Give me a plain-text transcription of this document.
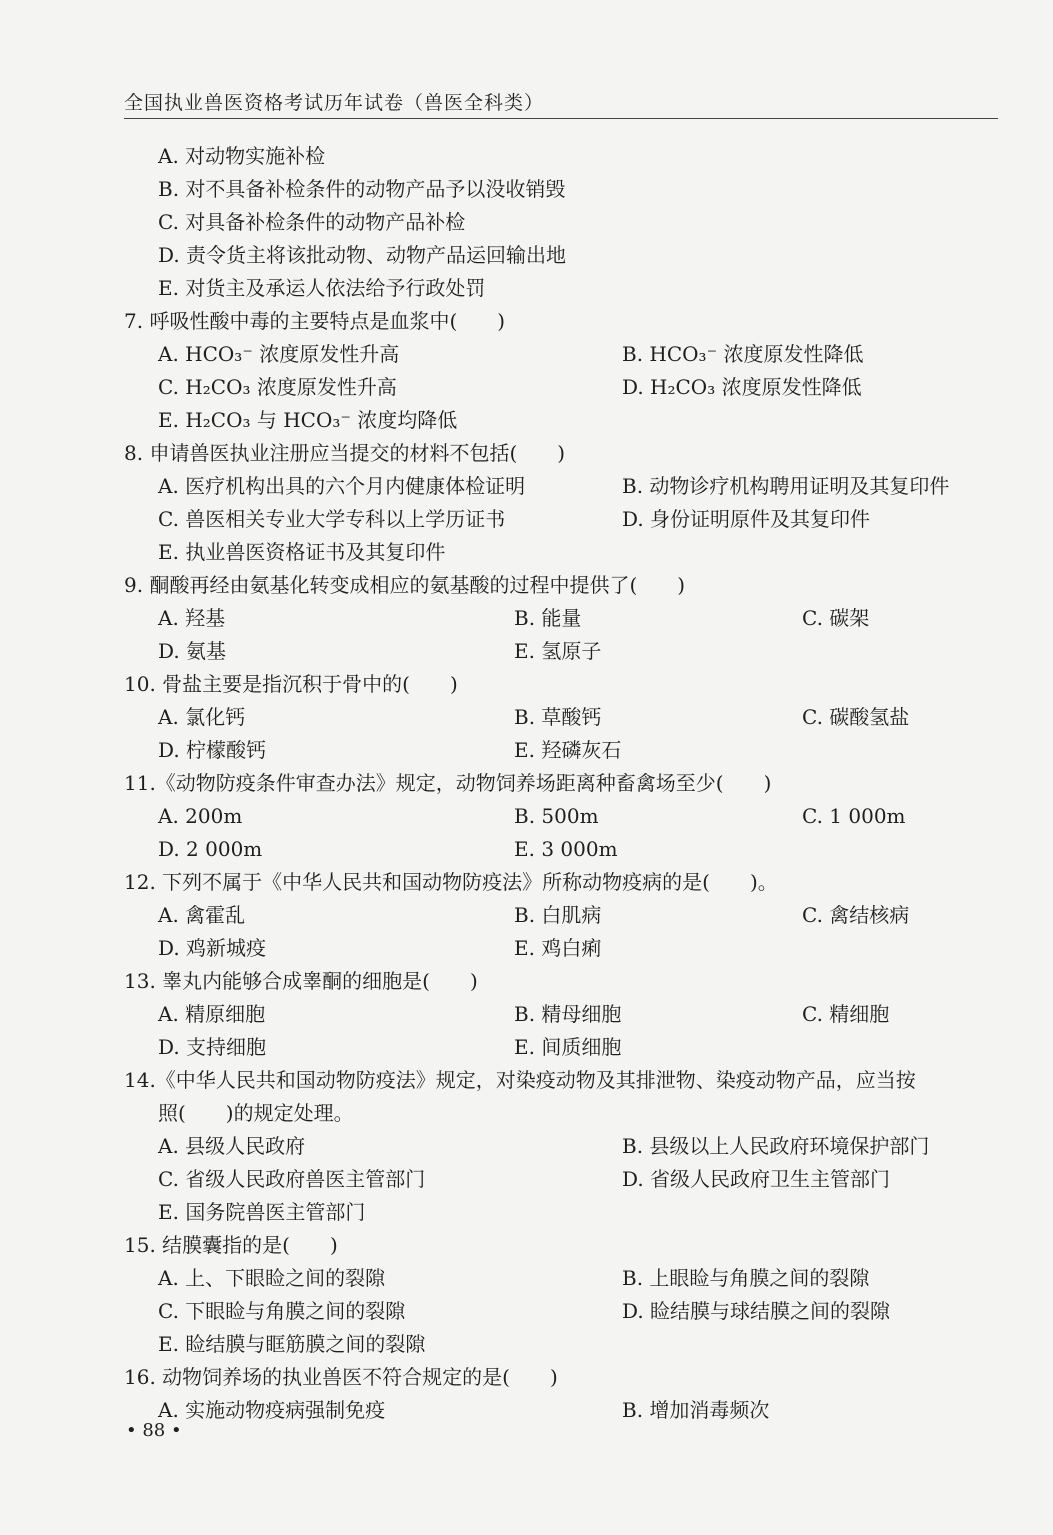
全国执业兽医资格考试历年试卷（兽医全科类）
A. 对动物实施补检
B. 对不具备补检条件的动物产品予以没收销毁
C. 对具备补检条件的动物产品补检
D. 责令货主将该批动物、动物产品运回输出地
E. 对货主及承运人依法给予行政处罚
7. 呼吸性酸中毒的主要特点是血浆中(　　)
A. HCO₃⁻ 浓度原发性升高	B. HCO₃⁻ 浓度原发性降低
C. H₂CO₃ 浓度原发性升高	D. H₂CO₃ 浓度原发性降低
E. H₂CO₃ 与 HCO₃⁻ 浓度均降低
8. 申请兽医执业注册应当提交的材料不包括(　　)
A. 医疗机构出具的六个月内健康体检证明	B. 动物诊疗机构聘用证明及其复印件
C. 兽医相关专业大学专科以上学历证书	D. 身份证明原件及其复印件
E. 执业兽医资格证书及其复印件
9. 酮酸再经由氨基化转变成相应的氨基酸的过程中提供了(　　)
A. 羟基	B. 能量	C. 碳架
D. 氨基	E. 氢原子
10. 骨盐主要是指沉积于骨中的(　　)
A. 氯化钙	B. 草酸钙	C. 碳酸氢盐
D. 柠檬酸钙	E. 羟磷灰石
11.《动物防疫条件审查办法》规定，动物饲养场距离种畜禽场至少(　　)
A. 200m	B. 500m	C. 1 000m
D. 2 000m	E. 3 000m
12. 下列不属于《中华人民共和国动物防疫法》所称动物疫病的是(　　)。
A. 禽霍乱	B. 白肌病	C. 禽结核病
D. 鸡新城疫	E. 鸡白痢
13. 睾丸内能够合成睾酮的细胞是(　　)
A. 精原细胞	B. 精母细胞	C. 精细胞
D. 支持细胞	E. 间质细胞
14.《中华人民共和国动物防疫法》规定，对染疫动物及其排泄物、染疫动物产品，应当按
照(　　)的规定处理。
A. 县级人民政府	B. 县级以上人民政府环境保护部门
C. 省级人民政府兽医主管部门	D. 省级人民政府卫生主管部门
E. 国务院兽医主管部门
15. 结膜囊指的是(　　)
A. 上、下眼睑之间的裂隙	B. 上眼睑与角膜之间的裂隙
C. 下眼睑与角膜之间的裂隙	D. 睑结膜与球结膜之间的裂隙
E. 睑结膜与眶筋膜之间的裂隙
16. 动物饲养场的执业兽医不符合规定的是(　　)
A. 实施动物疫病强制免疫	B. 增加消毒频次
• 88 •
